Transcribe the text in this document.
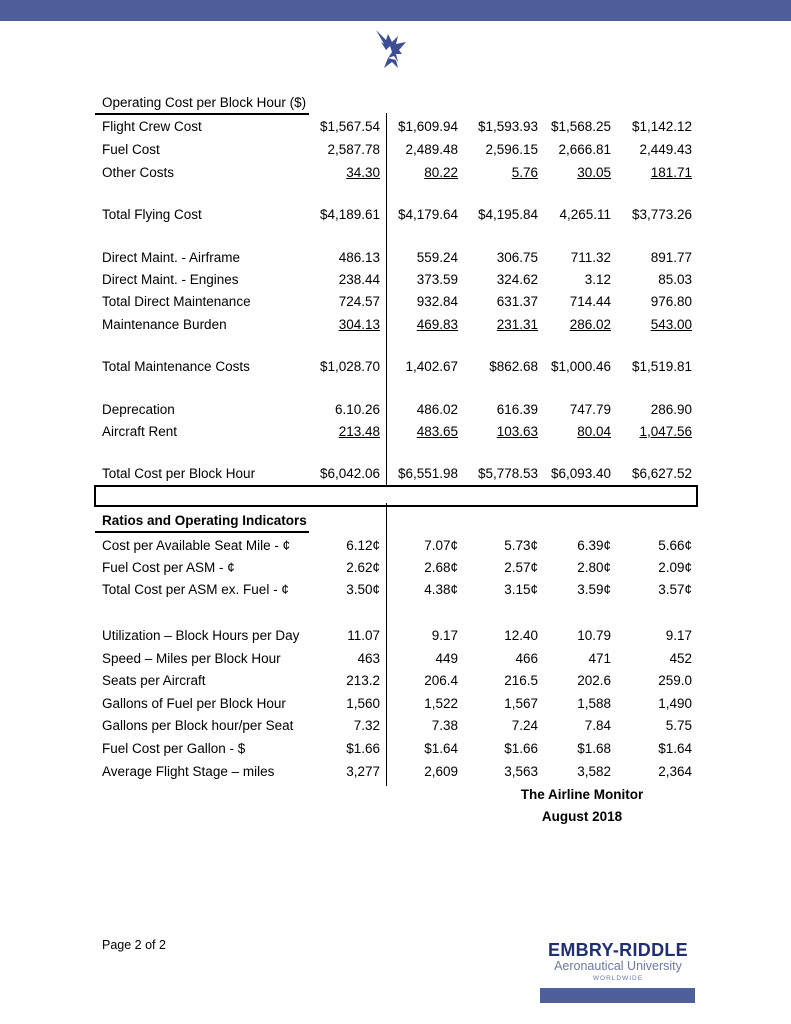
Operating Cost per Block Hour ($)
Flight Crew Cost	$1,567.54 $1,609.94 $1,593.93 $1,568.25 $1,142.12
Fuel Cost	2,587.78 2,489.48 2,596.15 2,666.81 2,449.43
Other Costs	34.30	80.22	5.76	30.05	181.71
Total Flying Cost	$4,189.61 $4,179.64 $4,195.84 4,265.11 $3,773.26
Direct Maint. - Airframe	486.13	559.24	306.75 711.32	891.77
Direct Maint. - Engines	238.44	373.59	324.62	3.12	85.03
Total Direct Maintenance	724.57	932.84	631.37 714.44	976.80
Maintenance Burden	304.13	469.83	231.31 286.02	543.00
Total Maintenance Costs	$1,028.70 1,402.67 $862.68 $1,000.46 $1,519.81
Deprecation	6.10.26	486.02	616.39 747.79	286.90
Aircraft Rent	213.48	483.65	103.63	80.04 1,047.56
Total Cost per Block Hour	$6,042.06 $6,551.98 $5,778.53 $6,093.40 $6,627.52
Ratios and Operating Indicators
Cost per Available Seat Mile - ¢	6.12¢	7.07¢	5.73¢	6.39¢	5.66¢
Fuel Cost per ASM - ¢	2.62¢	2.68¢	2.57¢	2.80¢	2.09¢
Total Cost per ASM ex. Fuel - ¢	3.50¢	4.38¢	3.15¢	3.59¢	3.57¢
Utilization – Block Hours per Day	11.07	9.17	12.40	10.79	9.17
Speed – Miles per Block Hour	463	449	466	471	452
Seats per Aircraft	213.2	206.4	216.5	202.6	259.0
Gallons of Fuel per Block Hour	1,560	1,522	1,567	1,588	1,490
Gallons per Block hour/per Seat	7.32	7.38	7.24	7.84	5.75
Fuel Cost per Gallon - $	$1.66	$1.64	$1.66	$1.68	$1.64
Average Flight Stage – miles	3,277	2,609	3,563	3,582	2,364
The Airline Monitor
August 2018
Page 2 of 2	EMBRY-RIDDLE
Aeronautical University
WORLDWIDE
